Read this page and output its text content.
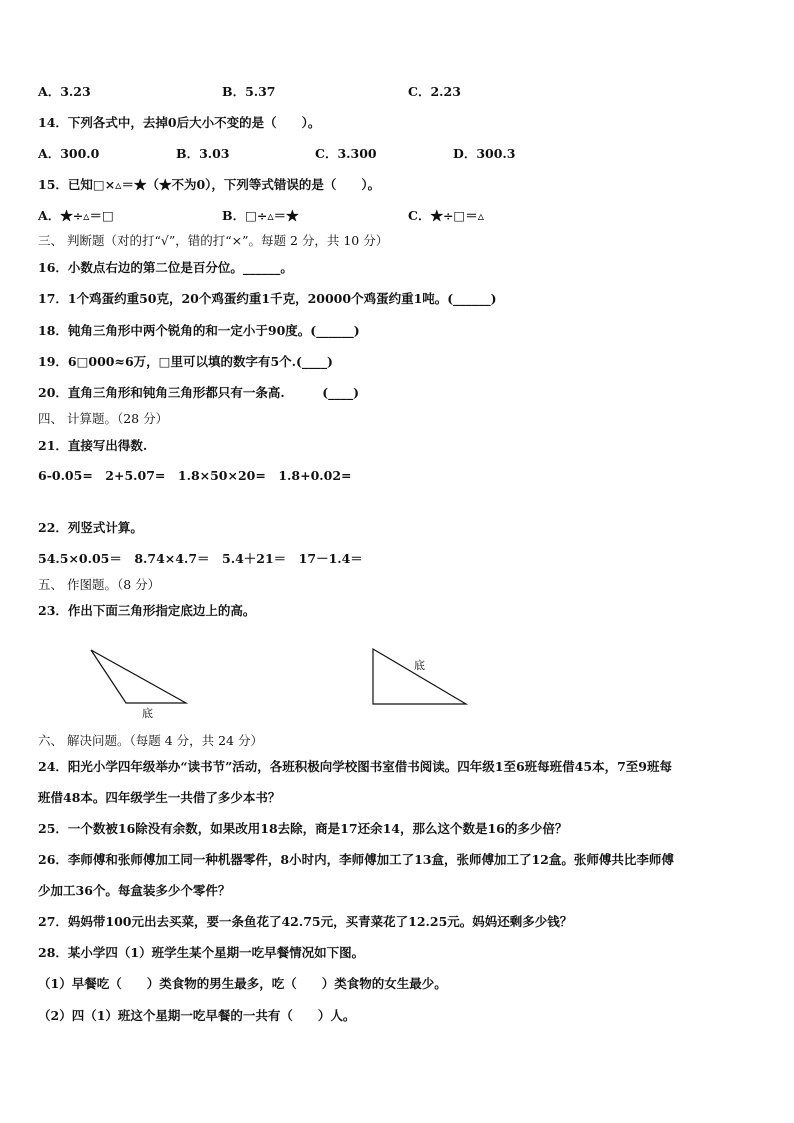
A．3.23	B．5.37	C．2.23
14．下列各式中，去掉0后大小不变的是（　　）。
A．300.0	B．3.03	C．3.300	D．300.3
15．已知□×▵＝★（★不为0），下列等式错误的是（　　）。
A．★÷▵＝□	B．□÷▵＝★	C．★÷□＝▵
三、 判断题（对的打“√”，错的打“×”。每题 2 分，共 10 分）
16．小数点右边的第二位是百分位。______。
17．1个鸡蛋约重50克，20个鸡蛋约重1千克，20000个鸡蛋约重1吨。(______)
18．钝角三角形中两个锐角的和一定小于90度。(______)
19．6□000≈6万，□里可以填的数字有5个.(____)
20．直角三角形和钝角三角形都只有一条高.　　　(____)
四、 计算题。（28 分）
21．直接写出得数.
6-0.05=　2+5.07=　1.8×50×20=　1.8+0.02=
22．列竖式计算。
54.5×0.05＝　8.74×4.7＝　5.4＋21＝　17－1.4＝
五、 作图题。（8 分）
23．作出下面三角形指定底边上的高。
底
底
六、 解决问题。（每题 4 分，共 24 分）
24．阳光小学四年级举办“读书节”活动，各班积极向学校图书室借书阅读。四年级1至6班每班借45本，7至9班每
班借48本。四年级学生一共借了多少本书？
25．一个数被16除没有余数，如果改用18去除，商是17还余14，那么这个数是16的多少倍？
26．李师傅和张师傅加工同一种机器零件，8小时内，李师傅加工了13盒，张师傅加工了12盒。张师傅共比李师傅
少加工36个。每盒装多少个零件？
27．妈妈带100元出去买菜，要一条鱼花了42.75元，买青菜花了12.25元。妈妈还剩多少钱？
28．某小学四（1）班学生某个星期一吃早餐情况如下图。
（1）早餐吃（　　）类食物的男生最多，吃（　　）类食物的女生最少。
（2）四（1）班这个星期一吃早餐的一共有（　　）人。
